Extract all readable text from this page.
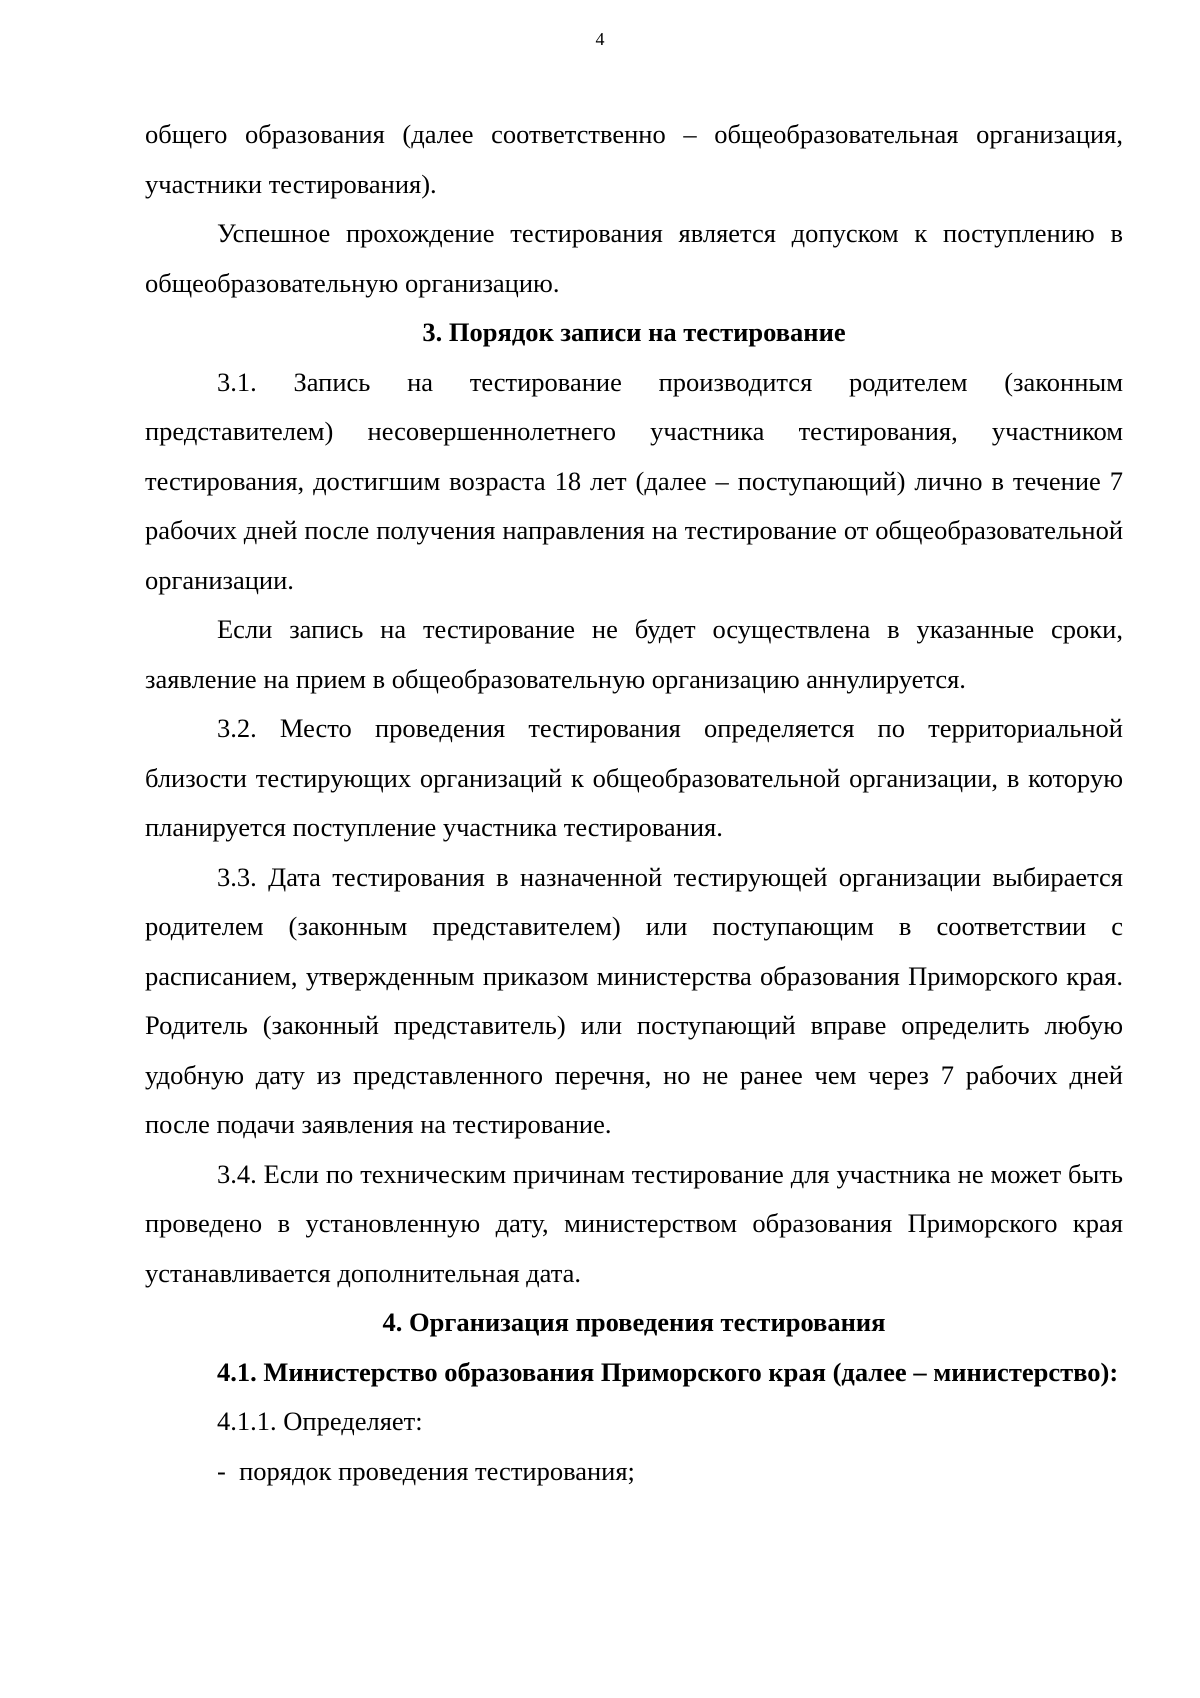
4

общего образования (далее соответственно – общеобразовательная организация, участники тестирования).

Успешное прохождение тестирования является допуском к поступлению в общеобразовательную организацию.

3. Порядок записи на тестирование

3.1. Запись на тестирование производится родителем (законным представителем) несовершеннолетнего участника тестирования, участником тестирования, достигшим возраста 18 лет (далее – поступающий) лично в течение 7 рабочих дней после получения направления на тестирование от общеобразовательной организации.

Если запись на тестирование не будет осуществлена в указанные сроки, заявление на прием в общеобразовательную организацию аннулируется.

3.2. Место проведения тестирования определяется по территориальной близости тестирующих организаций к общеобразовательной организации, в которую планируется поступление участника тестирования.

3.3. Дата тестирования в назначенной тестирующей организации выбирается родителем (законным представителем) или поступающим в соответствии с расписанием, утвержденным приказом министерства образования Приморского края. Родитель (законный представитель) или поступающий вправе определить любую удобную дату из представленного перечня, но не ранее чем через 7 рабочих дней после подачи заявления на тестирование.

3.4. Если по техническим причинам тестирование для участника не может быть проведено в установленную дату, министерством образования Приморского края устанавливается дополнительная дата.

4. Организация проведения тестирования

4.1. Министерство образования Приморского края (далее – министерство):

4.1.1. Определяет:

-  порядок проведения тестирования;
